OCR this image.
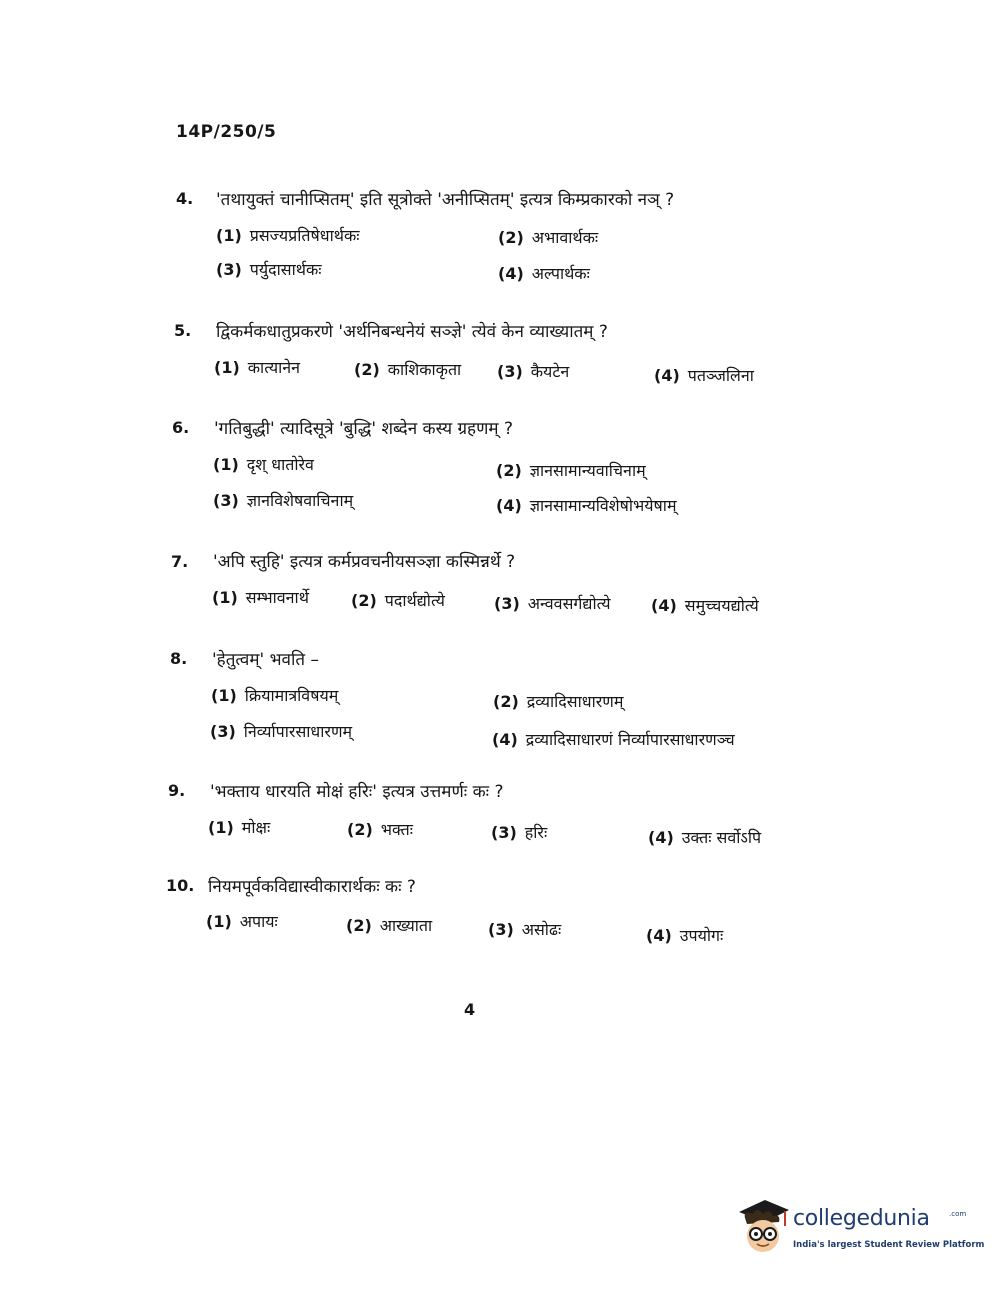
14P/250/5
4. 'तथायुक्तं चानीप्सितम्' इति सूत्रोक्ते 'अनीप्सितम्' इत्यत्र किम्प्रकारको नञ् ?
(1) प्रसज्यप्रतिषेधार्थकः	(2) अभावार्थकः
(3) पर्युदासार्थकः	(4) अल्पार्थकः
5. द्विकर्मकधातुप्रकरणे 'अर्थनिबन्धनेयं सञ्ज्ञे' त्येवं केन व्याख्यातम् ?
(1) कात्यानेन	(2) काशिकाकृता (3) कैयटेन	(4) पतञ्जलिना
6. 'गतिबुद्धी' त्यादिसूत्रे 'बुद्धि' शब्देन कस्य ग्रहणम् ?
(1) दृश् धातोरेव	(2) ज्ञानसामान्यवाचिनाम्
(3) ज्ञानविशेषवाचिनाम्	(4) ज्ञानसामान्यविशेषोभयेषाम्
7. 'अपि स्तुहि' इत्यत्र कर्मप्रवचनीयसञ्ज्ञा कस्मिन्नर्थे ?
(1) सम्भावनार्थे	(2) पदार्थद्योत्ये	(3) अन्ववसर्गद्योत्ये	(4) समुच्चयद्योत्ये
8. 'हेतुत्वम्' भवति –
(1) क्रियामात्रविषयम्	(2) द्रव्यादिसाधारणम्
(3) निर्व्यापारसाधारणम्	(4) द्रव्यादिसाधारणं निर्व्यापारसाधारणञ्च
9. 'भक्ताय धारयति मोक्षं हरिः' इत्यत्र उत्तमर्णः कः ?
(1) मोक्षः	(2) भक्तः	(3) हरिः	(4) उक्तः सर्वोऽपि
10. नियमपूर्वकविद्यास्वीकारार्थकः कः ?
(1) अपायः	(2) आख्याता	(3) असोढः	(4) उपयोगः
4
collegedunia	.com
India's largest Student Review Platform
